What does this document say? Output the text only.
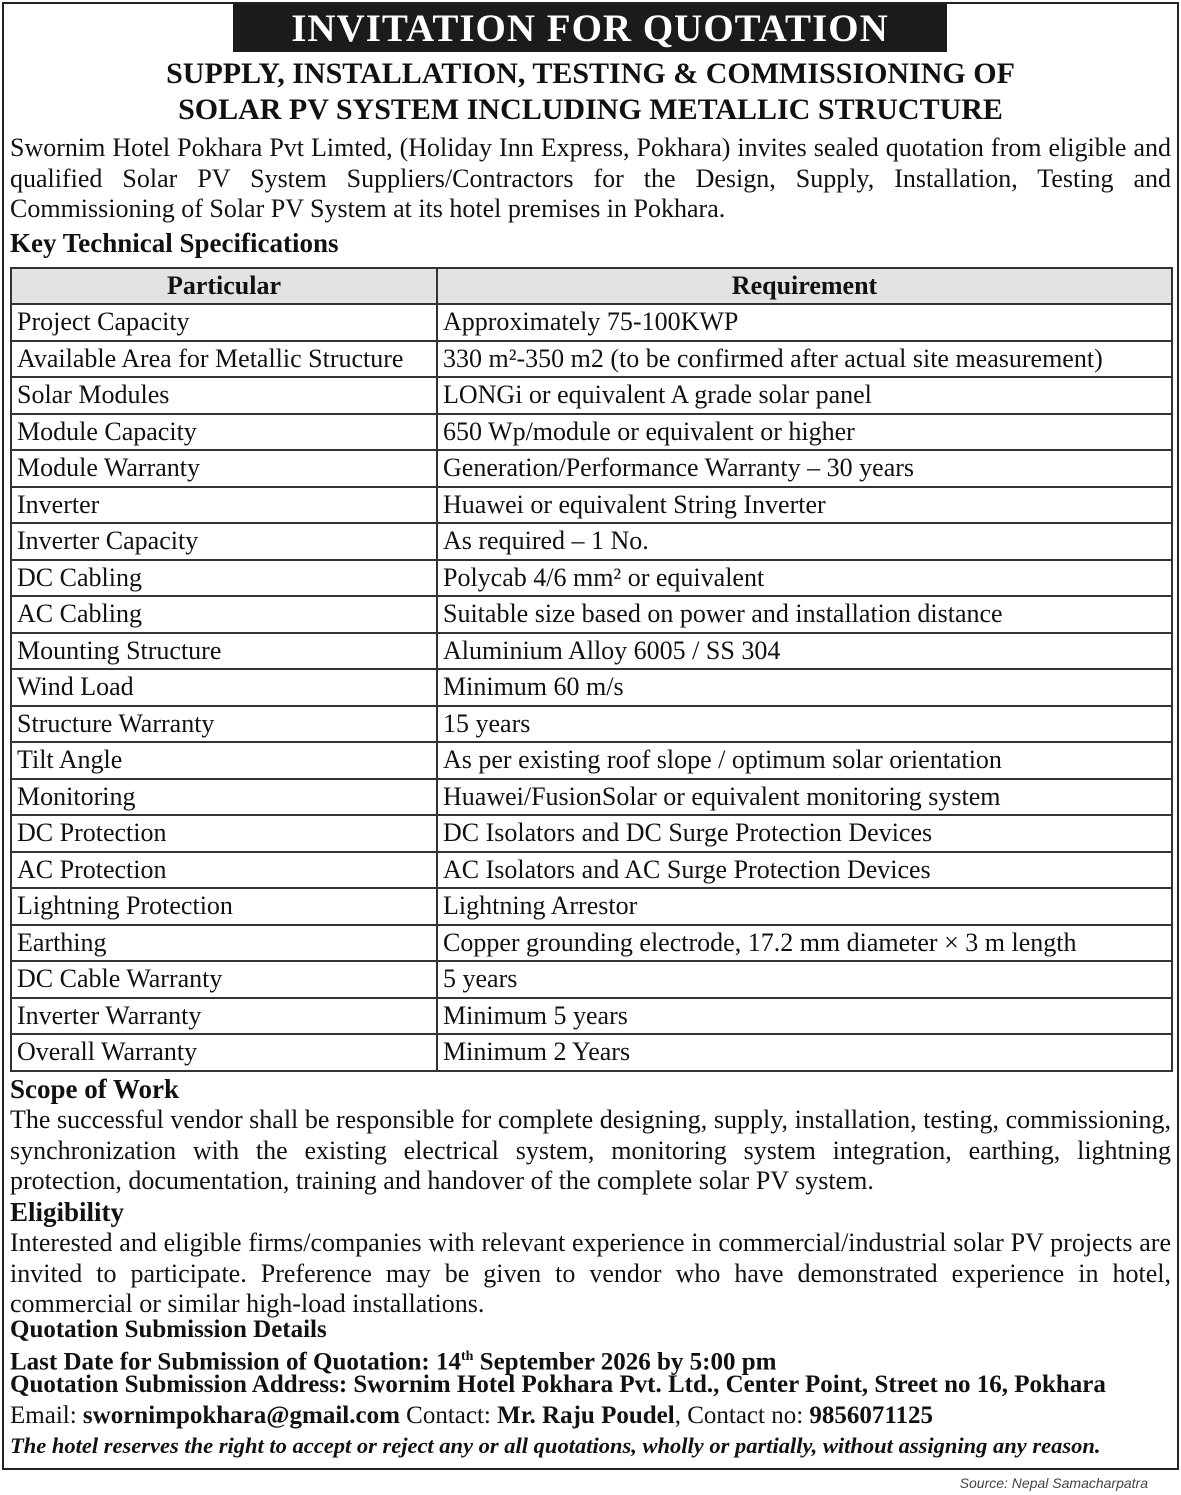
INVITATION FOR QUOTATION
SUPPLY, INSTALLATION, TESTING & COMMISSIONING OF
SOLAR PV SYSTEM INCLUDING METALLIC STRUCTURE

Swornim Hotel Pokhara Pvt Limted, (Holiday Inn Express, Pokhara) invites sealed quotation from eligible and qualified Solar PV System Suppliers/Contractors for the Design, Supply, Installation, Testing and Commissioning of Solar PV System at its hotel premises in Pokhara.

Key Technical Specifications
Particular	Requirement
Project Capacity	Approximately 75-100KWP
Available Area for Metallic Structure	330 m²-350 m2 (to be confirmed after actual site measurement)
Solar Modules	LONGi or equivalent A grade solar panel
Module Capacity	650 Wp/module or equivalent or higher
Module Warranty	Generation/Performance Warranty – 30 years
Inverter	Huawei or equivalent String Inverter
Inverter Capacity	As required – 1 No.
DC Cabling	Polycab 4/6 mm² or equivalent
AC Cabling	Suitable size based on power and installation distance
Mounting Structure	Aluminium Alloy 6005 / SS 304
Wind Load	Minimum 60 m/s
Structure Warranty	15 years
Tilt Angle	As per existing roof slope / optimum solar orientation
Monitoring	Huawei/FusionSolar or equivalent monitoring system
DC Protection	DC Isolators and DC Surge Protection Devices
AC Protection	AC Isolators and AC Surge Protection Devices
Lightning Protection	Lightning Arrestor
Earthing	Copper grounding electrode, 17.2 mm diameter × 3 m length
DC Cable Warranty	5 years
Inverter Warranty	Minimum 5 years
Overall Warranty	Minimum 2 Years
Scope of Work

The successful vendor shall be responsible for complete designing, supply, installation, testing, commissioning, synchronization with the existing electrical system, monitoring system integration, earthing, lightning protection, documentation, training and handover of the complete solar PV system.

Eligibility

Interested and eligible firms/companies with relevant experience in commercial/industrial solar PV projects are invited to participate. Preference may be given to vendor who have demonstrated experience in hotel, commercial or similar high-load installations.

Quotation Submission Details
Last Date for Submission of Quotation: 14th September 2026 by 5:00 pm
Quotation Submission Address: Swornim Hotel Pokhara Pvt. Ltd., Center Point, Street no 16, Pokhara
Email: swornimpokhara@gmail.com Contact: Mr. Raju Poudel, Contact no: 9856071125
The hotel reserves the right to accept or reject any or all quotations, wholly or partially, without assigning any reason.
Source: Nepal Samacharpatra
